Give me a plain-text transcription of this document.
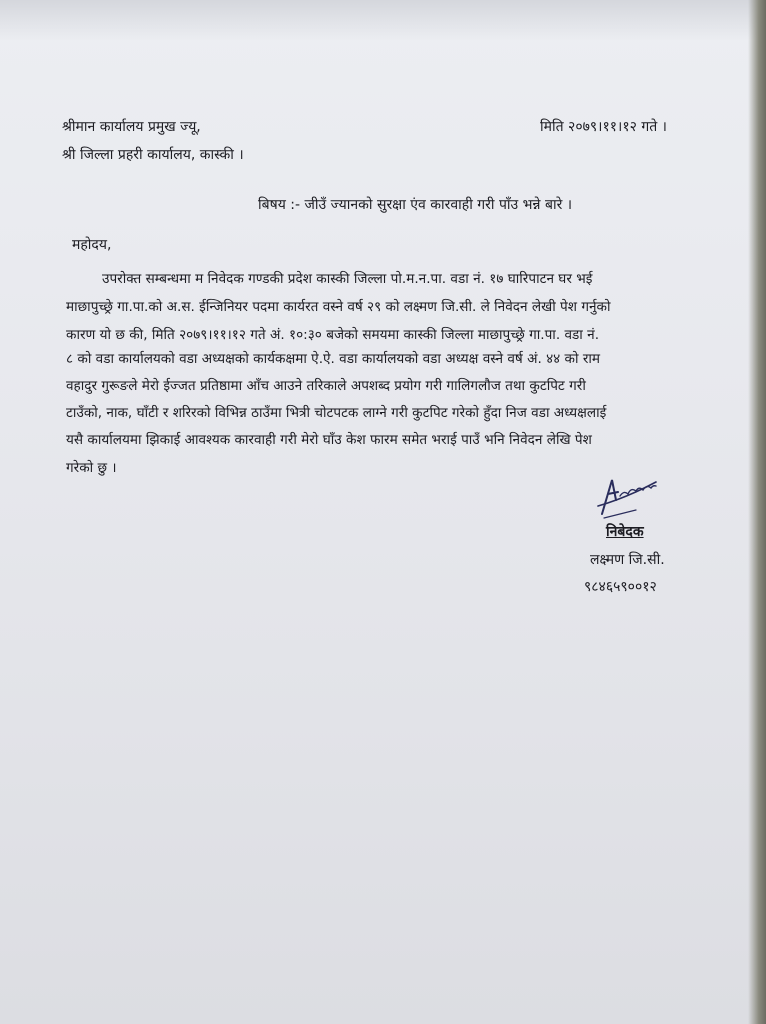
श्रीमान कार्यालय प्रमुख ज्यू,
श्री जिल्ला प्रहरी कार्यालय, कास्की ।
मिति २०७९।११।१२ गते ।
बिषय :- जीउँ ज्यानको सुरक्षा एंव कारवाही गरी पाँउ भन्ने बारे ।
महोदय,
उपरोक्त सम्बन्धमा म निवेदक गण्डकी प्रदेश कास्की जिल्ला पो.म.न.पा. वडा नं. १७ घारिपाटन घर भई
माछापुच्छ्रे गा.पा.को अ.स. ईन्जिनियर पदमा कार्यरत वस्ने वर्ष २९ को लक्ष्मण जि.सी. ले निवेदन लेखी पेश गर्नुको
कारण यो छ की, मिति २०७९।११।१२ गते अं. १०:३० बजेको समयमा कास्की जिल्ला माछापुच्छ्रे गा.पा. वडा नं.
८ को वडा कार्यालयको वडा अध्यक्षको कार्यकक्षमा ऐ.ऐ. वडा कार्यालयको वडा अध्यक्ष वस्ने वर्ष अं. ४४ को राम
वहादुर गुरूङले मेरो ईज्जत प्रतिष्ठामा आँच आउने तरिकाले अपशब्द प्रयोग गरी गालिगलौज तथा कुटपिट गरी
टाउँको, नाक, घाँटी र शरिरको विभिन्न ठाउँमा भित्री चोटपटक लाग्ने गरी कुटपिट गरेको हुँदा निज वडा अध्यक्षलाई
यसै कार्यालयमा झिकाई आवश्यक कारवाही गरी मेरो घाँउ केश फारम समेत भराई पाउँ भनि निवेदन लेखि पेश
गरेको छु ।
निबेदक
लक्ष्मण जि.सी.
९८४६५९००१२
